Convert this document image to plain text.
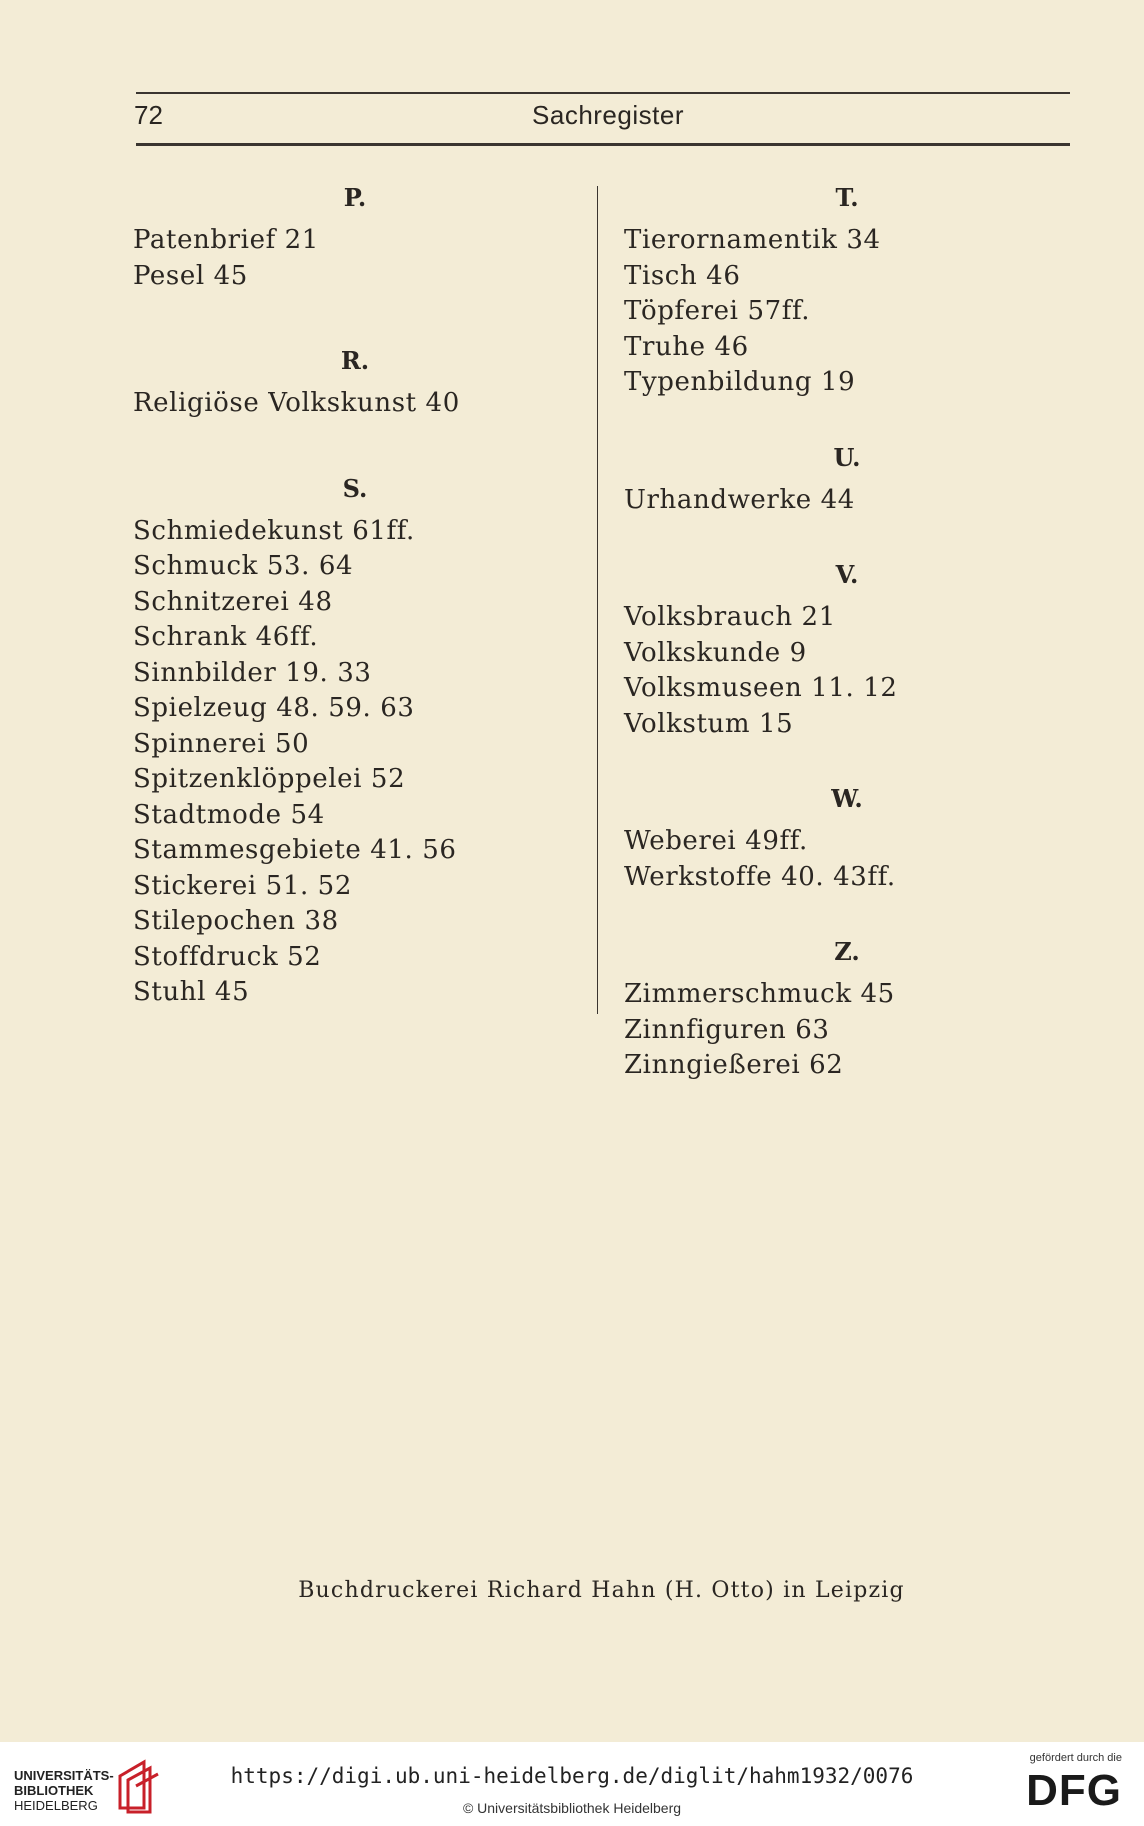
72	Sachregister
P.
Patenbrief 21
Pesel 45
R.
Religiöse Volkskunst 40
S.
Schmiedekunst 61ff.
Schmuck 53. 64
Schnitzerei 48
Schrank 46ff.
Sinnbilder 19. 33
Spielzeug 48. 59. 63
Spinnerei 50
Spitzenklöppelei 52
Stadtmode 54
Stammesgebiete 41. 56
Stickerei 51. 52
Stilepochen 38
Stoffdruck 52
Stuhl 45
T.
Tierornamentik 34
Tisch 46
Töpferei 57ff.
Truhe 46
Typenbildung 19
U.
Urhandwerke 44
V.
Volksbrauch 21
Volkskunde 9
Volksmuseen 11. 12
Volkstum 15
W.
Weberei 49ff.
Werkstoffe 40. 43ff.
Z.
Zimmerschmuck 45
Zinnfiguren 63
Zinngießerei 62
Buchdruckerei Richard Hahn (H. Otto) in Leipzig
UNIVERSITÄTS-
BIBLIOTHEK
HEIDELBERG
https://digi.ub.uni-heidelberg.de/diglit/hahm1932/0076
© Universitätsbibliothek Heidelberg
gefördert durch die
DFG
